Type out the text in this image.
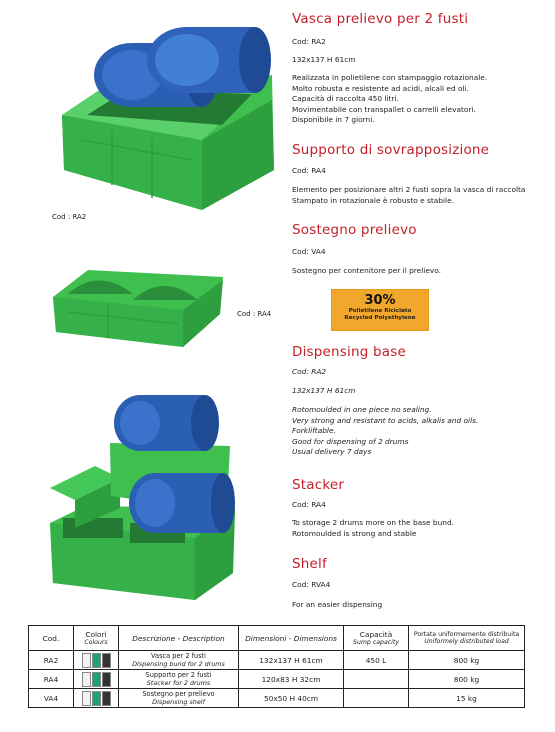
Cod : RA2
Cod : RA4
Vasca prelievo per 2 fusti
Cod: RA2
132x137 H 61cm
Realizzata in polietilene con stampaggio rotazionale.
Molto robusta e resistente ad acidi, alcali ed oli.
Capacità di raccolta 450 litri.
Movimentabile con transpallet o carrelli elevatori.
Disponibile in 7 giorni.
Supporto di sovrapposizione
Cod: RA4
Elemento per posizionare altri 2 fusti sopra la vasca di raccolta
Stampato in rotazionale è robusto e stabile.
Sostegno prelievo
Cod: VA4
Sostegno per contenitore per il prelievo.
30%
Polietilene Riciclato
Recycled Polyethylene
Dispensing base
Cod: RA2
132x137 H 61cm
Rotomoulded in one piece no sealing.
Very strong and resistant to acids, alkalis and oils.
Forkliftable.
Good for dispensing of 2 drums
Usual delivery 7 days
Stacker
Cod: RA4
To storage 2 drums more on the base bund.
Rotomoulded is strong and stable
Shelf
Cod: RVA4
For an easier dispensing
Cod.	Colori
Colours	Descrizione - Description	Dimensioni - Dimensions	Capacità
Sump capacity	Portata uniformemente distribuita
Uniformely distributed load

RA2		Vasca per 2 fusti
Dispensing bund for 2 drums	132x137 H 61cm	450 L	800 kg
RA4		Supporto per 2 fusti
Stacker for 2 drums	120x83 H 32cm		800 kg
VA4		Sostegno per prelievo
Dispensing shelf	50x50 H 40cm		15 kg
